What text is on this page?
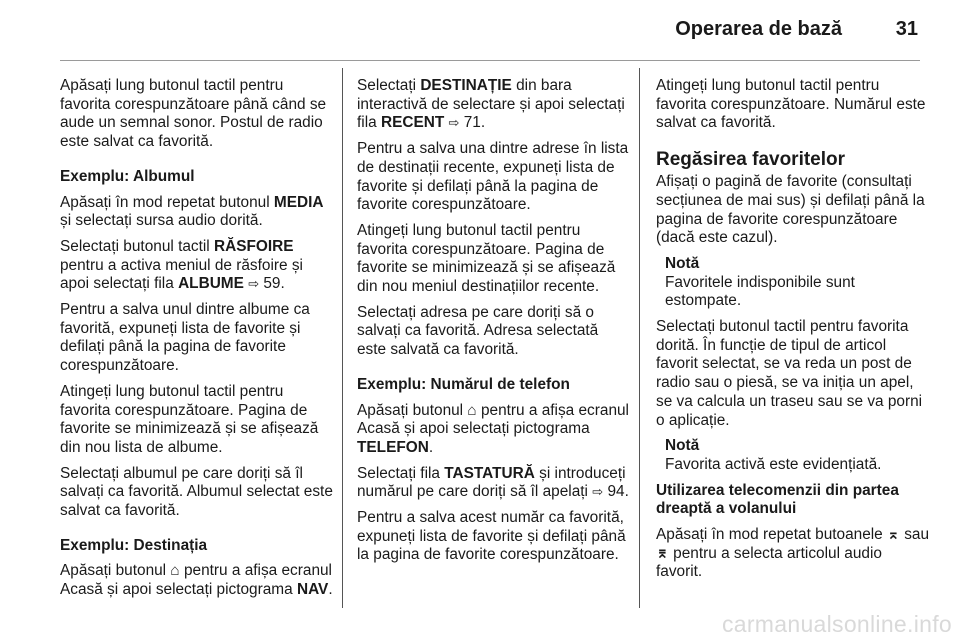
Operarea de bază	31

Apăsați lung butonul tactil pentru favorita corespunzătoare până când se aude un semnal sonor. Postul de radio este salvat ca favorită.

Exemplu: Albumul

Apăsați în mod repetat butonul MEDIA și selectați sursa audio dorită.

Selectați butonul tactil RĂSFOIRE pentru a activa meniul de răsfoire și apoi selectați fila ALBUME ⇨ 59.

Pentru a salva unul dintre albume ca favorită, expuneți lista de favorite și defilați până la pagina de favorite corespunzătoare.

Atingeți lung butonul tactil pentru favorita corespunzătoare. Pagina de favorite se minimizează și se afișează din nou lista de albume.

Selectați albumul pe care doriți să îl salvați ca favorită. Albumul selectat este salvat ca favorită.

Exemplu: Destinația

Apăsați butonul ⌂ pentru a afișa ecranul Acasă și apoi selectați pictograma NAV.

Selectați DESTINAȚIE din bara interactivă de selectare și apoi selectați fila RECENT ⇨ 71.

Pentru a salva una dintre adrese în lista de destinații recente, expuneți lista de favorite și defilați până la pagina de favorite corespunzătoare.

Atingeți lung butonul tactil pentru favorita corespunzătoare. Pagina de favorite se minimizează și se afișează din nou meniul destinațiilor recente.

Selectați adresa pe care doriți să o salvați ca favorită. Adresa selectată este salvată ca favorită.

Exemplu: Numărul de telefon

Apăsați butonul ⌂ pentru a afișa ecranul Acasă și apoi selectați pictograma TELEFON.

Selectați fila TASTATURĂ și introduceți numărul pe care doriți să îl apelați ⇨ 94.

Pentru a salva acest număr ca favorită, expuneți lista de favorite și defilați până la pagina de favorite corespunzătoare.

Atingeți lung butonul tactil pentru favorita corespunzătoare. Numărul este salvat ca favorită.

Regăsirea favoritelor

Afișați o pagină de favorite (consultați secțiunea de mai sus) și defilați până la pagina de favorite corespunzătoare (dacă este cazul).

Notă
Favoritele indisponibile sunt estompate.

Selectați butonul tactil pentru favorita dorită. În funcție de tipul de articol favorit selectat, se va reda un post de radio sau o piesă, se va iniția un apel, se va calcula un traseu sau se va porni o aplicație.

Notă
Favorita activă este evidențiată.

Utilizarea telecomenzii din partea dreaptă a volanului

Apăsați în mod repetat butoanele ⌅ sau ⌆ pentru a selecta articolul audio favorit.

carmanualsonline.info
